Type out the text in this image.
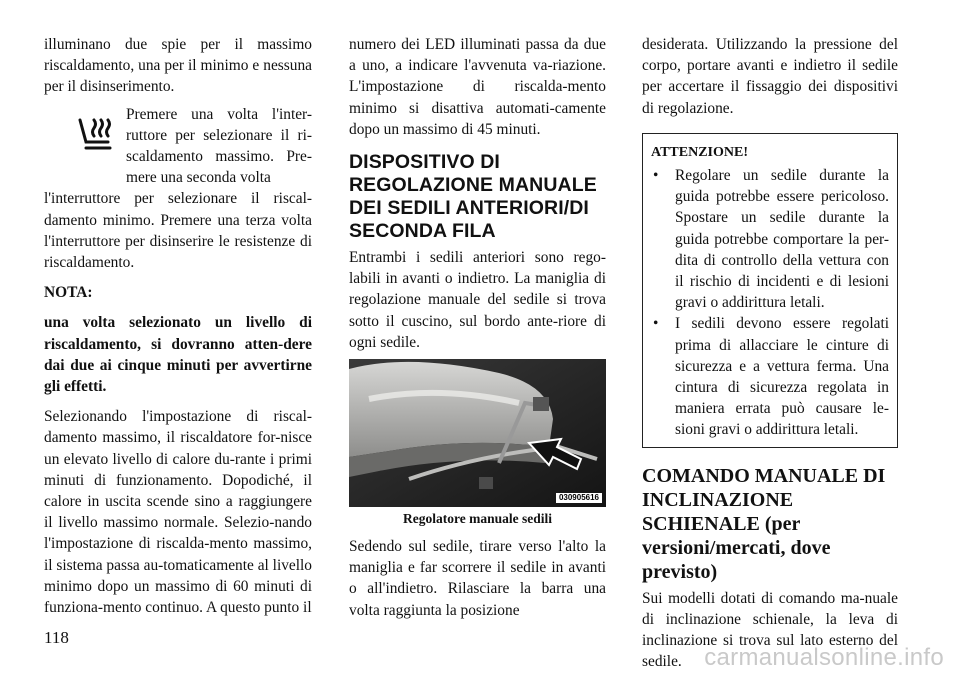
illuminano due spie per il massimo riscaldamento, una per il minimo e nessuna per il disinserimento.

Premere una volta l'inter-ruttore per selezionare il ri-scaldamento massimo. Pre-mere una seconda volta

l'interruttore per selezionare il riscal-damento minimo. Premere una terza volta l'interruttore per disinserire le resistenze di riscaldamento.

NOTA:

una volta selezionato un livello di riscaldamento, si dovranno atten-dere dai due ai cinque minuti per avvertirne gli effetti.

Selezionando l'impostazione di riscal-damento massimo, il riscaldatore for-nisce un elevato livello di calore du-rante i primi minuti di funzionamento. Dopodiché, il calore in uscita scende sino a raggiungere il livello massimo normale. Selezio-nando l'impostazione di riscalda-mento massimo, il sistema passa au-tomaticamente al livello minimo dopo un massimo di 60 minuti di funziona-mento continuo. A questo punto il

numero dei LED illuminati passa da due a uno, a indicare l'avvenuta va-riazione. L'impostazione di riscalda-mento minimo si disattiva automati-camente dopo un massimo di 45 minuti.

DISPOSITIVO DI REGOLAZIONE MANUALE DEI SEDILI ANTERIORI/DI SECONDA FILA

Entrambi i sedili anteriori sono rego-labili in avanti o indietro. La maniglia di regolazione manuale del sedile si trova sotto il cuscino, sul bordo ante-riore di ogni sedile.

030905616

Regolatore manuale sedili

Sedendo sul sedile, tirare verso l'alto la maniglia e far scorrere il sedile in avanti o all'indietro. Rilasciare la barra una volta raggiunta la posizione

desiderata. Utilizzando la pressione del corpo, portare avanti e indietro il sedile per accertare il fissaggio dei dispositivi di regolazione.

ATTENZIONE!
• Regolare un sedile durante la guida potrebbe essere pericoloso. Spostare un sedile durante la guida potrebbe comportare la per-dita di controllo della vettura con il rischio di incidenti e di lesioni gravi o addirittura letali.
• I sedili devono essere regolati prima di allacciare le cinture di sicurezza e a vettura ferma. Una cintura di sicurezza regolata in maniera errata può causare le-sioni gravi o addirittura letali.
COMANDO MANUALE DI INCLINAZIONE SCHIENALE (per versioni/mercati, dove previsto)

Sui modelli dotati di comando ma-nuale di inclinazione schienale, la leva di inclinazione si trova sul lato esterno del sedile.

118
carmanualsonline.info
